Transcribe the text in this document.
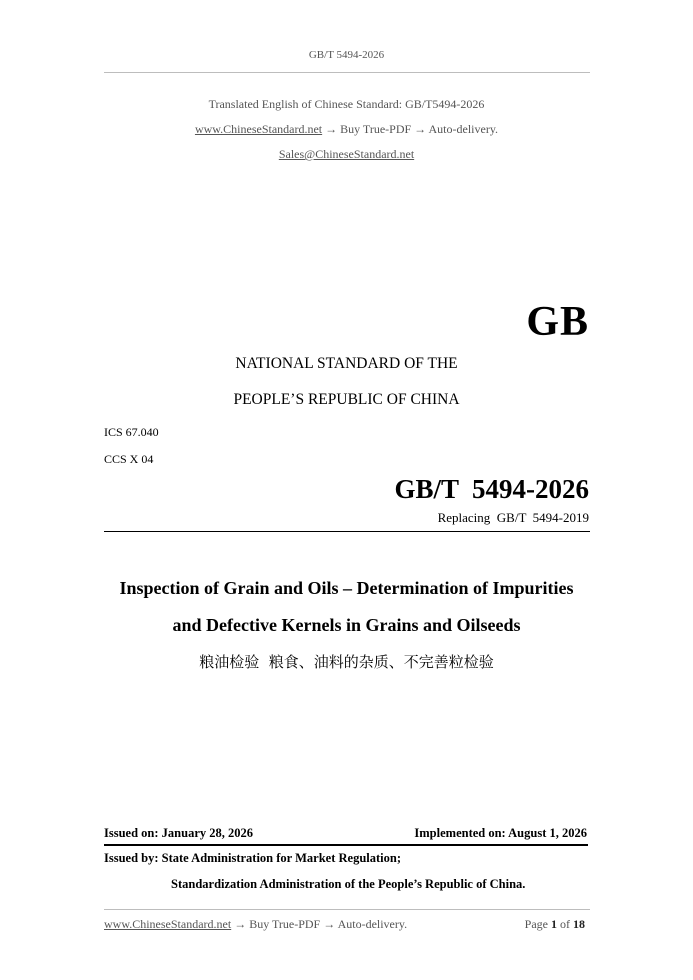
GB/T 5494-2026
Translated English of Chinese Standard: GB/T5494-2026
www.ChineseStandard.net → Buy True-PDF → Auto-delivery.
Sales@ChineseStandard.net
GB
NATIONAL STANDARD OF THE
PEOPLE’S REPUBLIC OF CHINA
ICS 67.040
CCS X 04
GB/T  5494-2026
Replacing  GB/T  5494-2019
Inspection of Grain and Oils – Determination of Impurities
and Defective Kernels in Grains and Oilseeds
粮油检验  粮食、油料的杂质、不完善粒检验
Issued on: January 28, 2026	Implemented on: August 1, 2026
Issued by: State Administration for Market Regulation;
Standardization Administration of the People’s Republic of China.
www.ChineseStandard.net → Buy True-PDF → Auto-delivery.	Page 1 of 18
